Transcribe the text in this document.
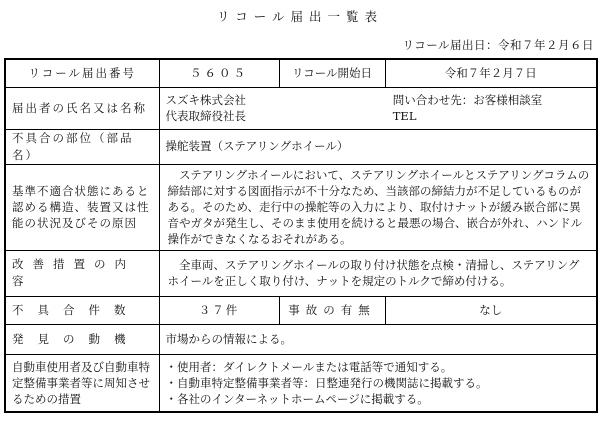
リコール届出一覧表
リコール届出日：令和７年２月６日
リコール届出番号	５６０５	リコール開始日	令和７年２月７日
届出者の氏名又は名称	スズキ株式会社
代表取締役社長
問い合わせ先：お客様相談室
TEL		

不具合の部位（部品名）	操舵装置（ステアリングホイール）		
基準不適合状態にあると認める構造、装置又は性能の状況及びその原因	ステアリングホイールにおいて、ステアリングホイールとステアリングコラムの締結部に対する図面指示が不十分なため、当該部の締結力が不足しているものがある。そのため、走行中の操舵等の入力により、取付けナットが緩み嵌合部に異音やガタが発生し、そのまま使用を続けると最悪の場合、嵌合が外れ、ハンドル操作ができなくなるおそれがある。		
改善措置の内容	全車両、ステアリングホイールの取り付け状態を点検・清掃し、ステアリングホイールを正しく取り付け、ナットを規定のトルクで締め付ける。		
不具合件数	３７件	事故の有無	なし
発見の動機	市場からの情報による。		
自動車使用者及び自動車特定整備事業者等に周知させるための措置	・使用者：ダイレクトメールまたは電話等で通知する。
・自動車特定整備事業者等：日整連発行の機関誌に掲載する。
・各社のインターネットホームページに掲載する。		
